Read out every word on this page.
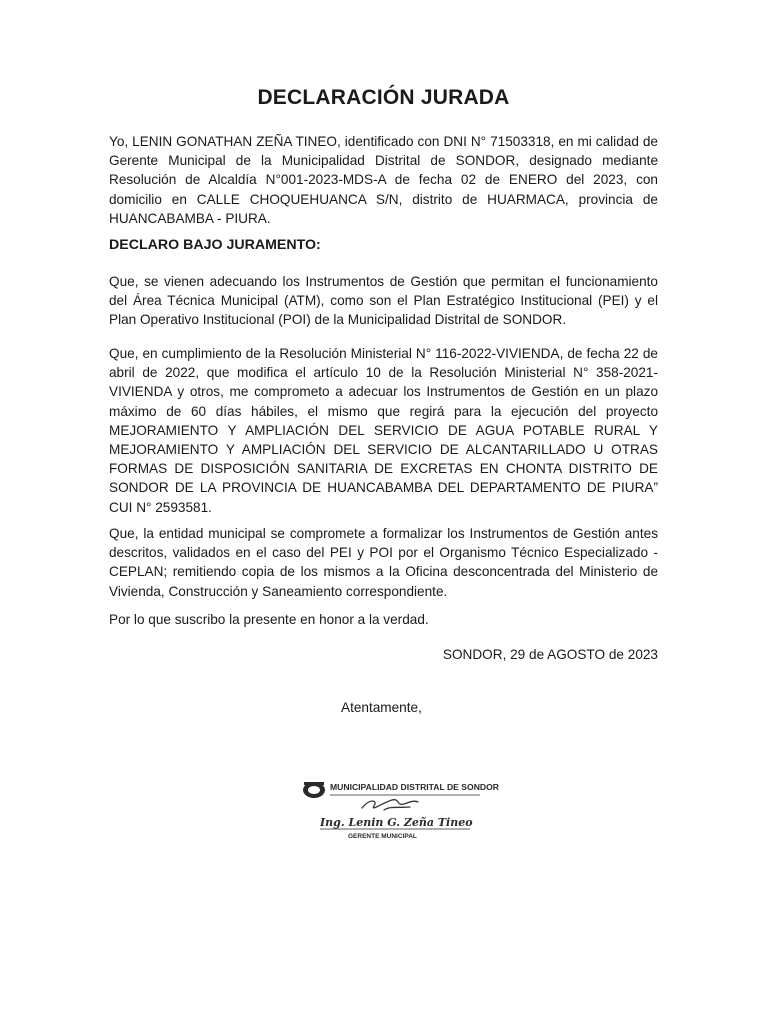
DECLARACIÓN JURADA

Yo, LENIN GONATHAN ZEÑA TINEO, identificado con DNI N° 71503318, en mi calidad de Gerente Municipal de la Municipalidad Distrital de SONDOR, designado mediante Resolución de Alcaldía N°001-2023-MDS-A de fecha 02 de ENERO del 2023, con domicilio en CALLE CHOQUEHUANCA S/N, distrito de HUARMACA, provincia de HUANCABAMBA - PIURA.

DECLARO BAJO JURAMENTO:

Que, se vienen adecuando los Instrumentos de Gestión que permitan el funcionamiento del Área Técnica Municipal (ATM), como son el Plan Estratégico Institucional (PEI) y el Plan Operativo Institucional (POI) de la Municipalidad Distrital de SONDOR.

Que, en cumplimiento de la Resolución Ministerial N° 116-2022-VIVIENDA, de fecha 22 de abril de 2022, que modifica el artículo 10 de la Resolución Ministerial N° 358-2021-VIVIENDA y otros, me comprometo a adecuar los Instrumentos de Gestión en un plazo máximo de 60 días hábiles, el mismo que regirá para la ejecución del proyecto MEJORAMIENTO Y AMPLIACIÓN DEL SERVICIO DE AGUA POTABLE RURAL Y MEJORAMIENTO Y AMPLIACIÓN DEL SERVICIO DE ALCANTARILLADO U OTRAS FORMAS DE DISPOSICIÓN SANITARIA DE EXCRETAS EN CHONTA DISTRITO DE SONDOR DE LA PROVINCIA DE HUANCABAMBA DEL DEPARTAMENTO DE PIURA” CUI N° 2593581.

Que, la entidad municipal se compromete a formalizar los Instrumentos de Gestión antes descritos, validados en el caso del PEI y POI por el Organismo Técnico Especializado - CEPLAN; remitiendo copia de los mismos a la Oficina desconcentrada del Ministerio de Vivienda, Construcción y Saneamiento correspondiente.

Por lo que suscribo la presente en honor a la verdad.

SONDOR, 29 de AGOSTO de 2023

Atentamente,

MUNICIPALIDAD DISTRITAL DE SONDOR
Ing. Lenin G. Zeña Tineo
GERENTE MUNICIPAL
